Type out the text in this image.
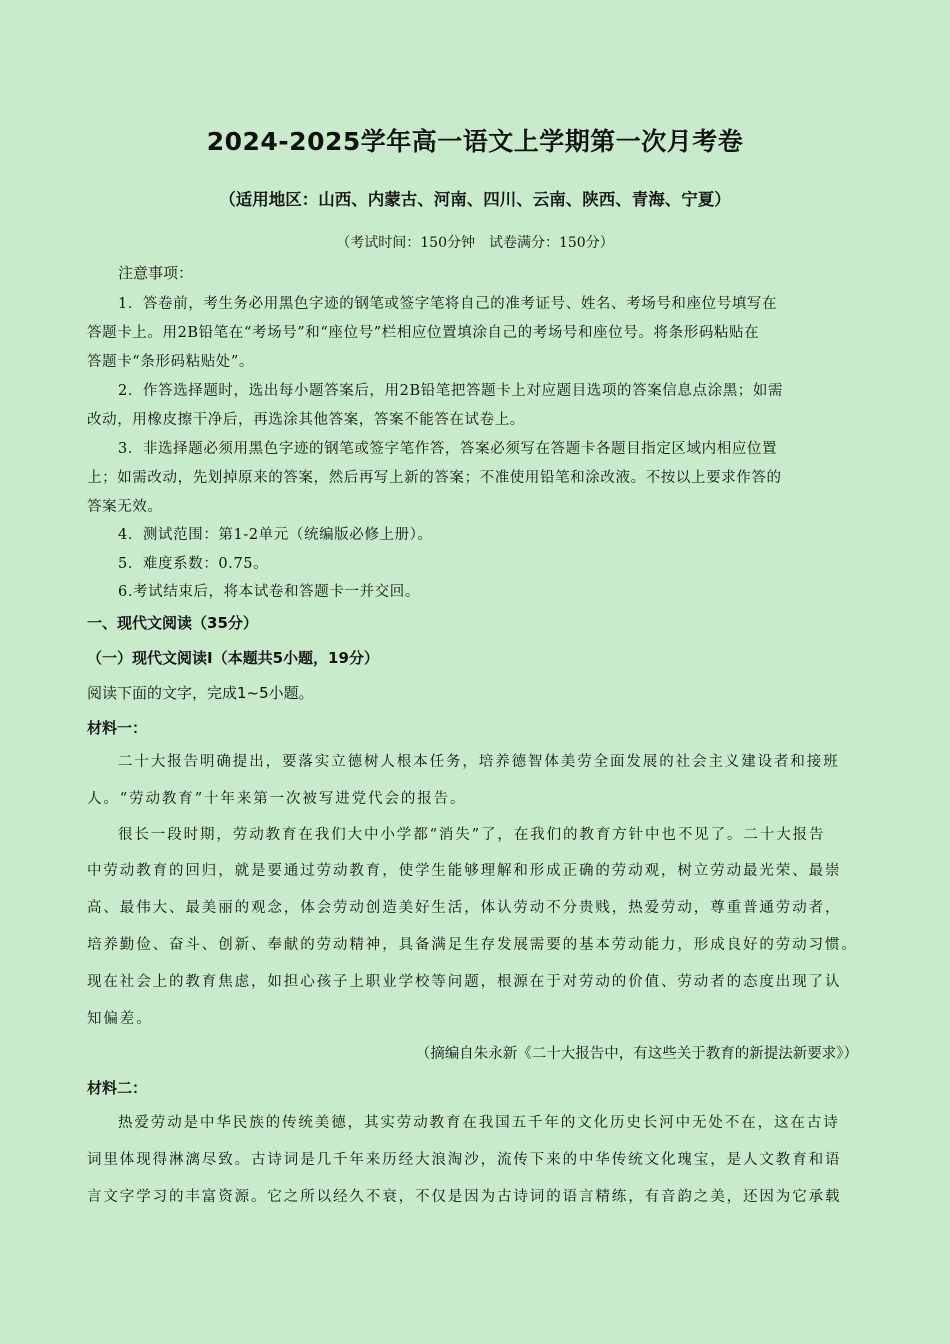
2024-2025学年高一语文上学期第一次月考卷
（适用地区：山西、内蒙古、河南、四川、云南、陕西、青海、宁夏）
（考试时间：150分钟　试卷满分：150分）
注意事项：
1．答卷前，考生务必用黑色字迹的钢笔或签字笔将自己的准考证号、姓名、考场号和座位号填写在
答题卡上。用2B铅笔在“考场号”和“座位号”栏相应位置填涂自己的考场号和座位号。将条形码粘贴在
答题卡“条形码粘贴处”。
2．作答选择题时，选出每小题答案后，用2B铅笔把答题卡上对应题目选项的答案信息点涂黑；如需
改动，用橡皮擦干净后，再选涂其他答案，答案不能答在试卷上。
3．非选择题必须用黑色字迹的钢笔或签字笔作答，答案必须写在答题卡各题目指定区域内相应位置
上；如需改动，先划掉原来的答案，然后再写上新的答案；不准使用铅笔和涂改液。不按以上要求作答的
答案无效。
4．测试范围：第1-2单元（统编版必修上册）。
5．难度系数：0.75。
6.考试结束后，将本试卷和答题卡一并交回。
一、现代文阅读（35分）
（一）现代文阅读Ⅰ（本题共5小题，19分）
阅读下面的文字，完成1~5小题。
材料一：
二十大报告明确提出，要落实立德树人根本任务，培养德智体美劳全面发展的社会主义建设者和接班
人。“劳动教育”十年来第一次被写进党代会的报告。
很长一段时期，劳动教育在我们大中小学都“消失”了，在我们的教育方针中也不见了。二十大报告
中劳动教育的回归，就是要通过劳动教育，使学生能够理解和形成正确的劳动观，树立劳动最光荣、最崇
高、最伟大、最美丽的观念，体会劳动创造美好生活，体认劳动不分贵贱，热爱劳动，尊重普通劳动者，
培养勤俭、奋斗、创新、奉献的劳动精神，具备满足生存发展需要的基本劳动能力，形成良好的劳动习惯。
现在社会上的教育焦虑，如担心孩子上职业学校等问题，根源在于对劳动的价值、劳动者的态度出现了认
知偏差。
（摘编自朱永新《二十大报告中，有这些关于教育的新提法新要求》）
材料二：
热爱劳动是中华民族的传统美德，其实劳动教育在我国五千年的文化历史长河中无处不在，这在古诗
词里体现得淋漓尽致。古诗词是几千年来历经大浪淘沙，流传下来的中华传统文化瑰宝，是人文教育和语
言文字学习的丰富资源。它之所以经久不衰，不仅是因为古诗词的语言精练，有音韵之美，还因为它承载
